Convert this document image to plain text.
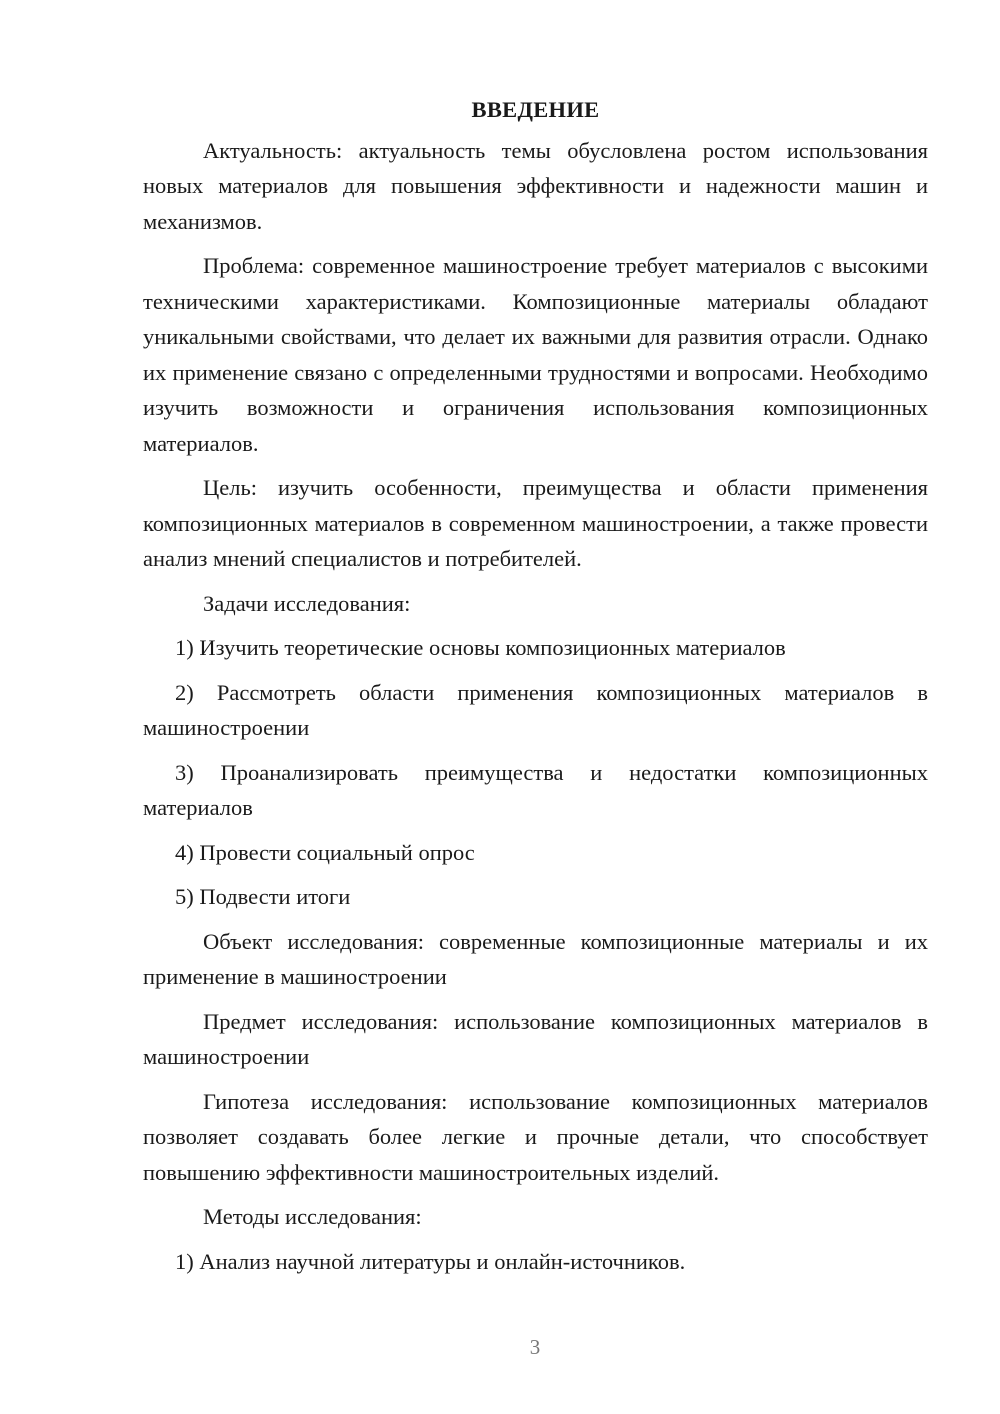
ВВЕДЕНИЕ

Актуальность: актуальность темы обусловлена ростом использования новых материалов для повышения эффективности и надежности машин и механизмов.

Проблема: современное машиностроение требует материалов с высокими техническими характеристиками. Композиционные материалы обладают уникальными свойствами, что делает их важными для развития отрасли. Однако их применение связано с определенными трудностями и вопросами. Необходимо изучить возможности и ограничения использования композиционных материалов.

Цель: изучить особенности, преимущества и области применения композиционных материалов в современном машиностроении, а также провести анализ мнений специалистов и потребителей.

Задачи исследования:

1) Изучить теоретические основы композиционных материалов

2) Рассмотреть области применения композиционных материалов в машиностроении

3) Проанализировать преимущества и недостатки композиционных материалов

4) Провести социальный опрос

5) Подвести итоги

Объект исследования: современные композиционные материалы и их применение в машиностроении

Предмет исследования: использование композиционных материалов в машиностроении

Гипотеза исследования: использование композиционных материалов позволяет создавать более легкие и прочные детали, что способствует повышению эффективности машиностроительных изделий.

Методы исследования:

1) Анализ научной литературы и онлайн-источников.

3
